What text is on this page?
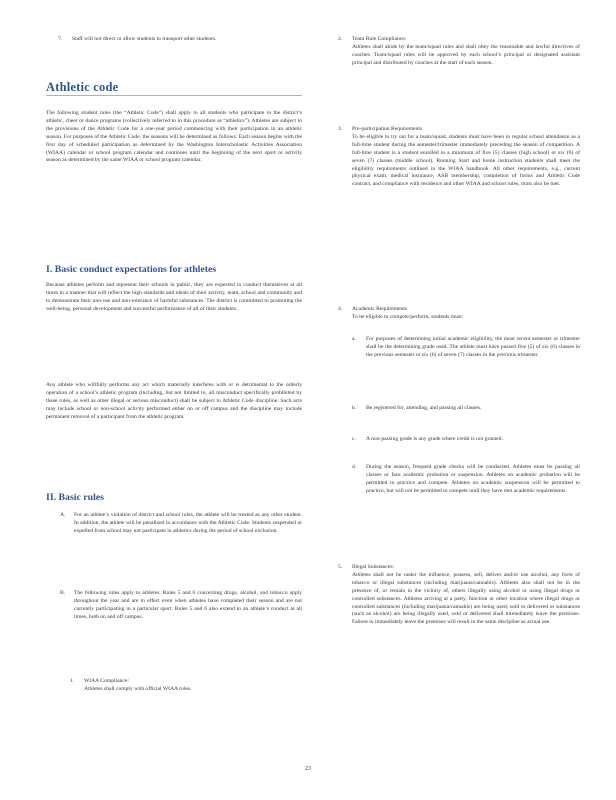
7. Staff will not direct or allow students to transport other students.
Athletic code

The following student rules (the “Athletic Code”) shall apply to all students who participate in the district’s athletic, cheer or dance programs (collectively referred to in this procedure as “athletics”). Athletes are subject to the provisions of the Athletic Code for a one-year period commencing with their participation in an athletic season. For purposes of the Athletic Code, the seasons will be determined as follows: Each season begins with the first day of scheduled participation as determined by the Washington Interscholastic Activities Association (WIAA) calendar or school program calendar and continues until the beginning of the next sport or activity season as determined by the same WIAA or school program calendar.

I. Basic conduct expectations for athletes

Because athletes perform and represent their schools in public, they are expected to conduct themselves at all times in a manner that will reflect the high standards and ideals of their activity, team, school and community and to demonstrate their non-use and non-tolerance of harmful substances. The district is committed to promoting the well-being, personal development and successful performance of all of their students.

Any athlete who willfully performs any act which materially interferes with or is detrimental to the orderly operation of a school’s athletic program (including, but not limited to, all misconduct specifically prohibited by these rules, as well as other illegal or serious misconduct) shall be subject to Athletic Code discipline. Such acts may include school or non-school activity performed either on or off campus and the discipline may include permanent removal of a participant from the athletic program.

II. Basic rules
A. For an athlete’s violation of district and school rules, the athlete will be treated as any other student. In addition, the athlete will be penalized in accordance with the Athletic Code. Students suspended or expelled from school may not participate in athletics during the period of school exclusion.

B. The following rules apply to athletes. Rules 5 and 6 concerning drugs, alcohol, and tobacco apply throughout the year and are in effect even when athletes have completed their season and are not currently participating in a particular sport. Rules 5 and 6 also extend to an athlete’s conduct at all times, both on and off campus.

1. WIAA Compliance:

Athletes shall comply with official WIAA rules.

2. Team Rule Compliance:

Athletes shall abide by the team/squad rules and shall obey the reasonable and lawful directives of coaches. Team/squad rules will be approved by each school’s principal or designated assistant principal and distributed by coaches at the start of each season.

3. Pre-participation Requirements

To be eligible to try out for a team/squad, students must have been in regular school attendance as a full-time student during the semester/trimester immediately preceding the season of competition. A full-time student is a student enrolled in a minimum of five (5) classes (high school) or six (6) of seven (7) classes (middle school). Running Start and home instruction students shall meet the eligibility requirements outlined in the WIAA handbook. All other requirements, e.g., current physical exam, medical insurance, ASB membership, completion of forms and Athletic Code contract, and compliance with residence and other WIAA and school rules, must also be met.

4. Academic Requirements

To be eligible to compete/perform, students must:

a. For purposes of determining initial academic eligibility, the most recent semester or trimester shall be the determining grade used. The athlete must have passed five (5) of six (6) classes in the previous semester or six (6) of seven (7) classes in the previous trimester.

b. Be registered for, attending, and passing all classes.

c. A non-passing grade is any grade where credit is not granted.

d. During the season, frequent grade checks will be conducted. Athletes must be passing all classes or face academic probation or suspension. Athletes on academic probation will be permitted to practice and compete. Athletes on academic suspension will be permitted to practice, but will not be permitted to compete until they have met academic requirements.

5. Illegal Substances:

Athletes shall not be under the influence, possess, sell, deliver and/or use alcohol, any form of tobacco or illegal substances (including marijuana/cannabis). Athletes also shall not be in the presence of, or remain in the vicinity of, others illegally using alcohol or using illegal drugs or controlled substances. Athletes arriving at a party, function or other location where illegal drugs or controlled substances (including marijuana/cannabis) are being used, sold or delivered or substances (such as alcohol) are being illegally used, sold or delivered shall immediately leave the premises. Failure to immediately leave the premises will result in the same discipline as actual use.

23
